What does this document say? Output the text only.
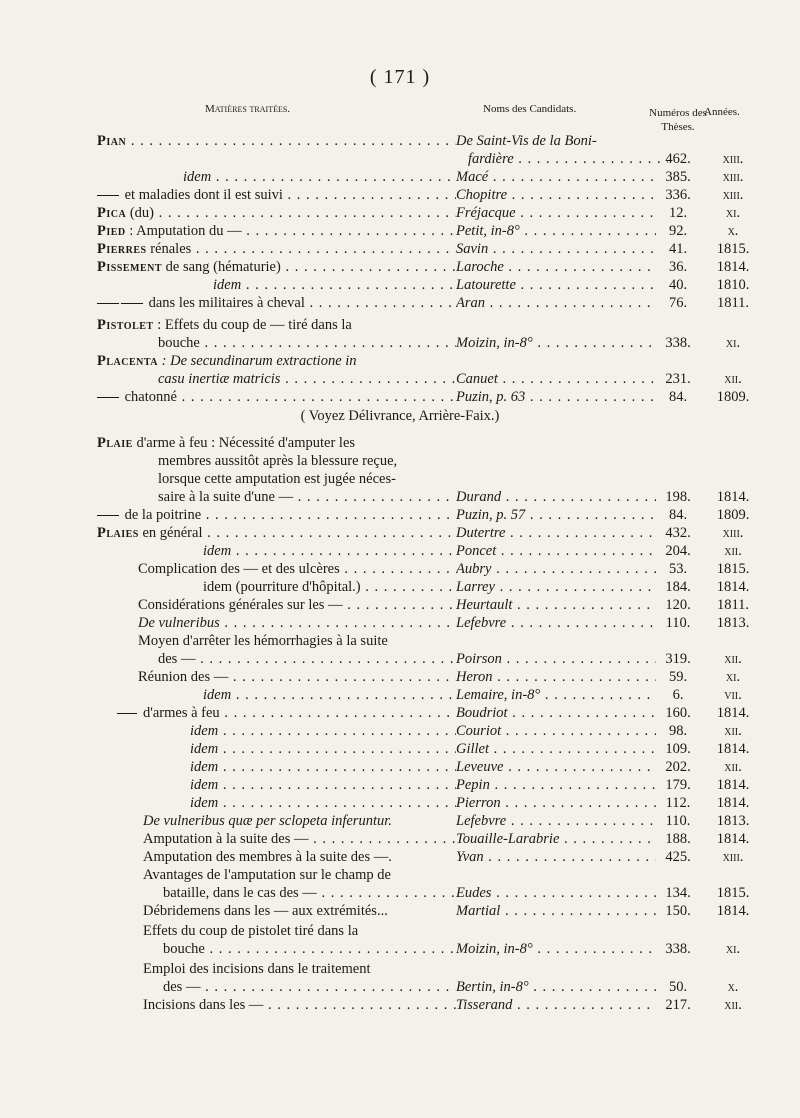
( 171 )
Matières traitées.	Noms des Candidats.	Numéros des Thèses.
Années.
Pian . . .	De Saint-Vis de la Boni-
fardière . . .	462.	xiii.
idem . . .	Macé . . .	385.	xiii.
et maladies dont il est suivi . . .	Chopitre . . .	336.	xiii.
Pica (du) . . .	Fréjacque . . .	12.	xi.
Pied : Amputation du — . . .	Petit, in-8° . . .	92.	x.
Pierres rénales . . .	Savin . . .	41.	1815.
Pissement de sang (hématurie) . . .	Laroche . . .	36.	1814.
idem . . .	Latourette . . .	40.	1810.
dans les militaires à cheval . . .	Aran . . .	76.	1811.
Pistolet : Effets du coup de — tiré dans la
bouche . . .	Moizin, in-8° . . .	338.	xi.
Placenta : De secundinarum extractione in
casu inertiæ matricis . . .	Canuet . . .	231.	xii.
chatonné . . .	Puzin, p. 63 . . .	84.	1809.
( Voyez Délivrance, Arrière-Faix.)
Plaie d'arme à feu : Nécessité d'amputer les
membres aussitôt après la blessure reçue,
lorsque cette amputation est jugée néces-
saire à la suite d'une — . . .	Durand . . .	198.	1814.
de la poitrine . . .	Puzin, p. 57 . . .	84.	1809.
Plaies en général . . .	Dutertre . . .	432.	xiii.
idem . . .	Poncet . . .	204.	xii.
Complication des — et des ulcères . . .	Aubry . . .	53.	1815.
idem (pourriture d'hôpital.) . . .	Larrey . . .	184.	1814.
Considérations générales sur les — . . .	Heurtault . . .	120.	1811.
De vulneribus . . .	Lefebvre . . .	110.	1813.
Moyen d'arrêter les hémorrhagies à la suite
des — . . .	Poirson . . .	319.	xii.
Réunion des — . . .	Heron . . .	59.	xi.
idem . . .	Lemaire, in-8° . . .	6.	vii.
d'armes à feu . . .	Boudriot . . .	160.	1814.
idem . . .	Couriot . . .	98.	xii.
idem . . .	Gillet . . .	109.	1814.
idem . . .	Leveuve . . .	202.	xii.
idem . . .	Pepin . . .	179.	1814.
idem . . .	Pierron . . .	112.	1814.
De vulneribus quæ per sclopeta inferuntur.	Lefebvre . . .	110.	1813.
Amputation à la suite des — . . .	Touaille-Larabrie . . .	188.	1814.
Amputation des membres à la suite des —.	Yvan . . .	425.	xiii.
Avantages de l'amputation sur le champ de
bataille, dans le cas des — . . .	Eudes . . .	134.	1815.
Débridemens dans les — aux extrémités...	Martial . . .	150.	1814.
Effets du coup de pistolet tiré dans la
bouche . . .	Moizin, in-8° . . .	338.	xi.
Emploi des incisions dans le traitement
des — . . .	Bertin, in-8° . . .	50.	x.
Incisions dans les — . . .	Tisserand . . .	217.	xii.
